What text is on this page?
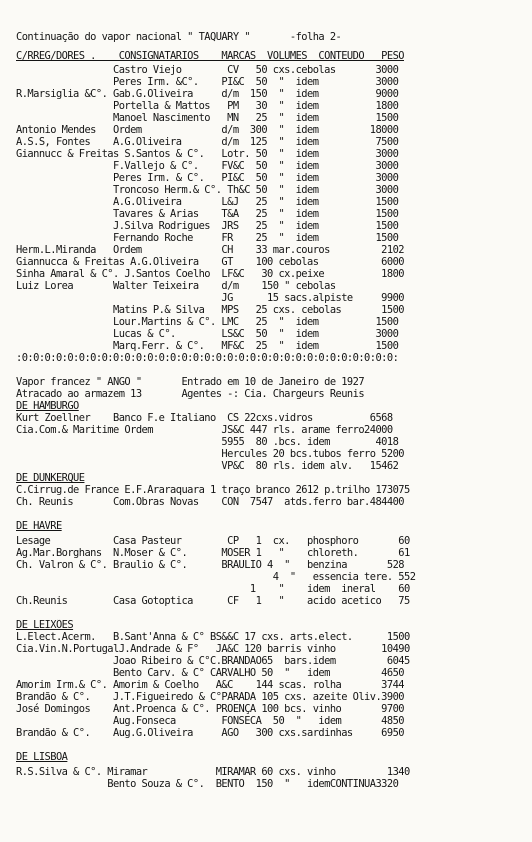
Continuação do vapor nacional " TAQUARY "       -folha 2-
C/RREG/DORES .    CONSIGNATARIOS    MARCAS  VOLUMES  CONTEUDO   PESO
Castro Viejo        CV   50 cxs.cebolas       3000
Peres Irm. &C°.    PI&C  50  "  idem          3000
R.Marsiglia &C°. Gab.G.Oliveira     d/m  150  "  idem          9000
Portella & Mattos   PM   30  "  idem          1800
Manoel Nascimento   MN   25  "  idem          1500
Antonio Mendes   Ordem              d/m  300  "  idem         18000
A.S.S, Fontes    A.G.Oliveira       d/m  125  "  idem          7500
Giannucc & Freitas S.Santos & C°.   Lotr. 50  "  idem          3000
F.Vallejo & C°.    FV&C  50  "  idem          3000
Peres Irm. & C°.   PI&C  50  "  idem          3000
Troncoso Herm.& C°. Th&C 50  "  idem          3000
A.G.Oliveira       L&J   25  "  idem          1500
Tavares & Arias    T&A   25  "  idem          1500
J.Silva Rodrigues  JRS   25  "  idem          1500
Fernando Roche     FR    25  "  idem          1500
Herm.L.Miranda   Ordem              CH    33 mar.couros         2102
Giannucca & Freitas A.G.Oliveira    GT    100 cebolas           6000
Sinha Amaral & C°. J.Santos Coelho  LF&C   30 cx.peixe          1800
Luiz Lorea       Walter Teixeira    d/m    150 " cebolas
JG      15 sacs.alpiste     9900
Matins P.& Silva   MPS   25 cxs. cebolas       1500
Lour.Martins & C°. LMC   25  "  idem          1500
Lucas & C°.        LS&C  50  "  idem          3000
Marq.Ferr. & C°.   MF&C  25  "  idem          1500
:0:0:0:0:0:0:0:0:0:0:0:0:0:0:0:0:0:0:0:0:0:0:0:0:0:0:0:0:0:0:0:0:0:
Vapor francez " ANGO "       Entrado em 10 de Janeiro de 1927
Atracado ao armazem 13       Agentes -: Cia. Chargeurs Reunis
DE HAMBURGO
Kurt Zoellner    Banco F.e Italiano  CS 22cxs.vidros          6568
Cia.Com.& Maritime Ordem            JS&C 447 rls. arame ferro24000
5955  80 .bcs. idem        4018
Hercules 20 bcs.tubos ferro 5200
VP&C  80 rls. idem alv.   15462
DE DUNKERQUE
C.Cirrug.de France E.F.Araraquara 1 traço branco 2612 p.trilho 173075
Ch. Reunis       Com.Obras Novas    CON  7547  atds.ferro bar.484400
DE HAVRE
Lesage           Casa Pasteur        CP   1  cx.   phosphoro       60
Ag.Mar.Borghans  N.Moser & C°.      MOSER 1   "    chloreth.       61
Ch. Valron & C°. Braulio & C°.      BRAULIO 4  "   benzina       528
4  "   essencia tere. 552
1    "    idem  ineral    60
Ch.Reunis        Casa Gotoptica      CF   1   "    acido acetico   75
DE LEIXÕES
L.Elect.Acerm.   B.Sant'Anna & C° BS&&C 17 cxs. arts.elect.      1500
Cia.Vin.N.PortugalJ.Andrade & F°   JA&C 120 barris vinho        10490
Joao Ribeiro & C°C.BRANDÃO65  bars.idem         6045
Bento Carv. & C° CARVALHO 50  "   idem         4650
Amorim Irm.& C°. Amorim & Coelho   A&C    144 scas. rolha       3744
Brandão & C°.    J.T.Figueiredo & C°PARADA 105 cxs. azeite Oliv.3900
José Domingos    Ant.Proenca & C°. PROENÇA 100 bcs. vinho       9700
Aug.Fonseca        FONSECA  50  "   idem       4850
Brandão & C°.    Aug.G.Oliveira     AGO   300 cxs.sardinhas     6950
DE LISBOA
R.S.Silva & C°. Miramar            MIRAMAR 60 cxs. vinho         1340
Bento Souza & C°.  BENTO  150  "   idemCONTINUA3320
